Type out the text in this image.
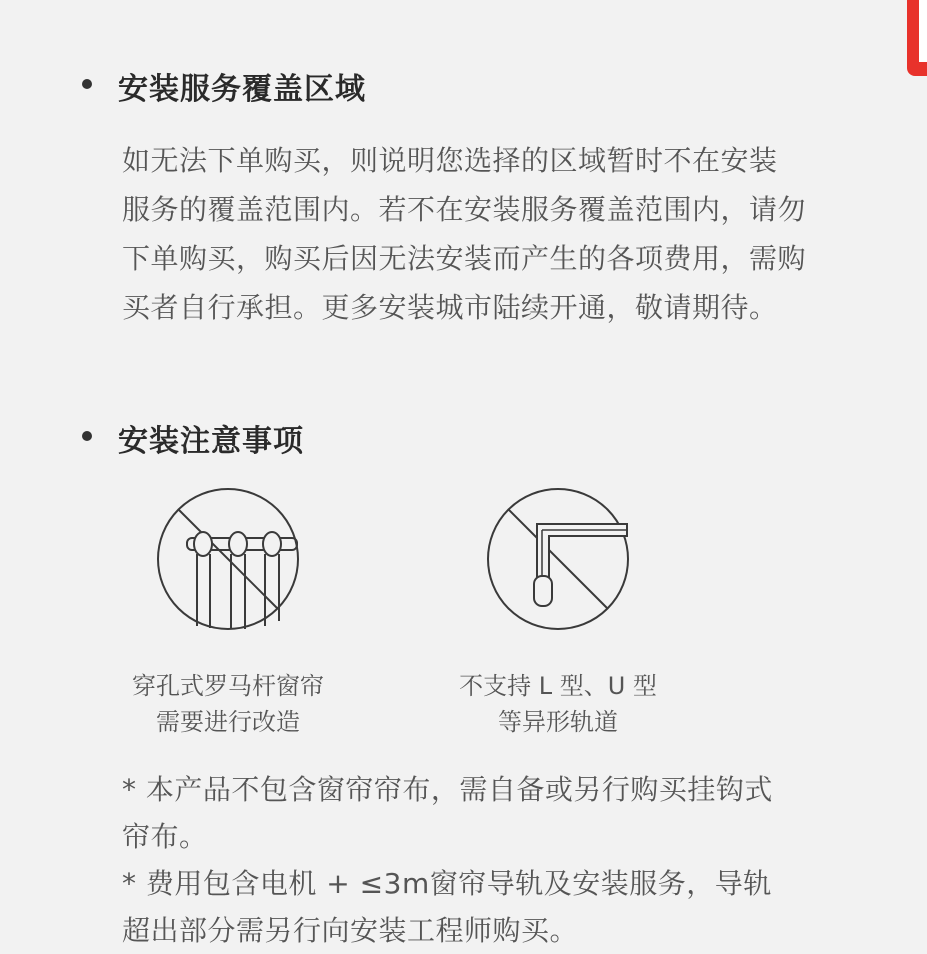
安装服务覆盖区域
如无法下单购买，则说明您选择的区域暂时不在安装
服务的覆盖范围内。若不在安装服务覆盖范围内，请勿
下单购买，购买后因无法安装而产生的各项费用，需购
买者自行承担。更多安装城市陆续开通，敬请期待。
安装注意事项
穿孔式罗马杆窗帘
需要进行改造
不支持 L 型、U 型
等异形轨道
* 本产品不包含窗帘帘布，需自备或另行购买挂钩式
帘布。
* 费用包含电机 + ≤3m窗帘导轨及安装服务，导轨
超出部分需另行向安装工程师购买。
